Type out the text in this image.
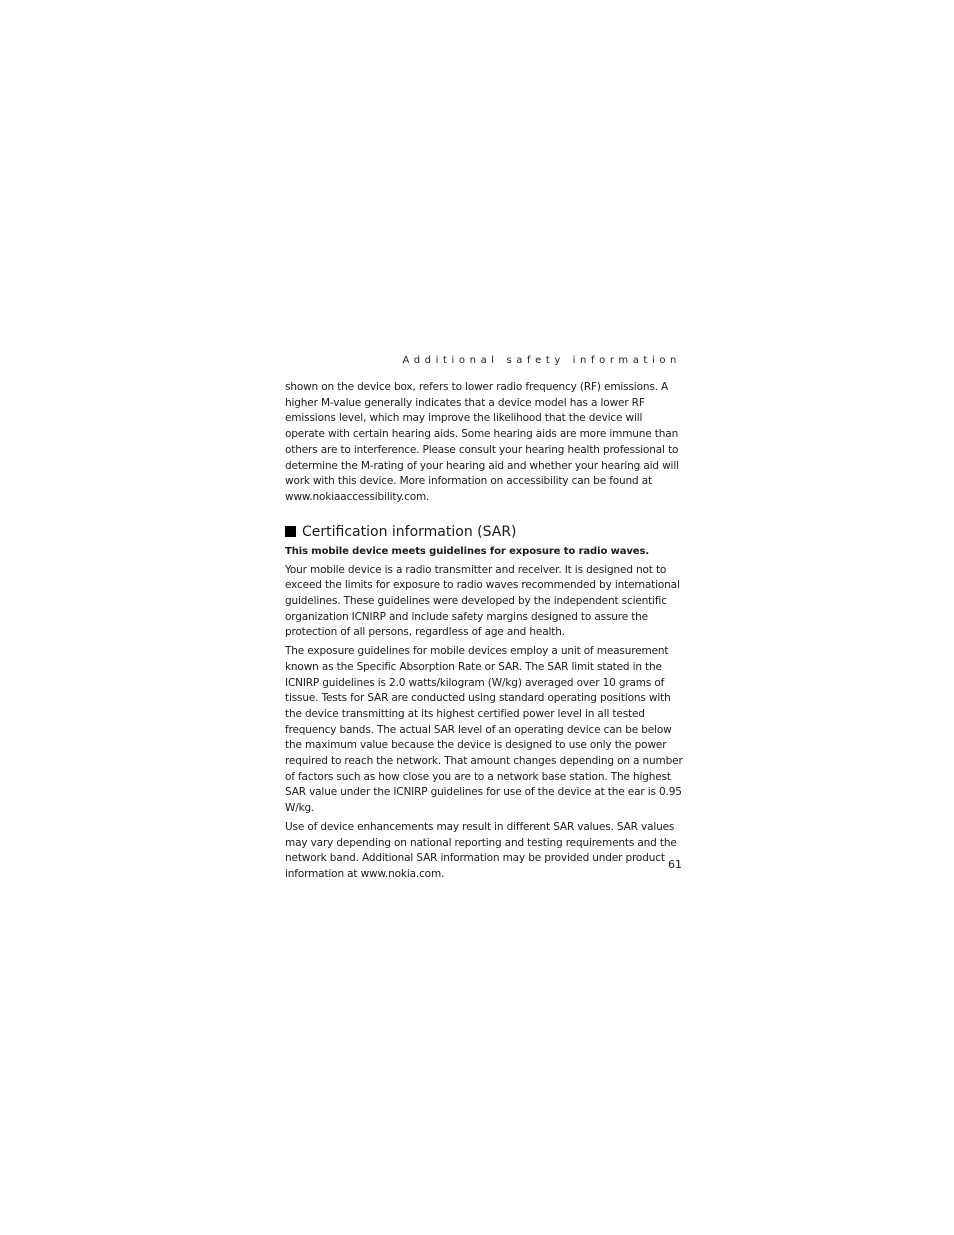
Additional safety information

shown on the device box, refers to lower radio frequency (RF) emissions. A higher M-value generally indicates that a device model has a lower RF emissions level, which may improve the likelihood that the device will operate with certain hearing aids. Some hearing aids are more immune than others are to interference. Please consult your hearing health professional to determine the M-rating of your hearing aid and whether your hearing aid will work with this device. More information on accessibility can be found at www.nokiaaccessibility.com.

Certification information (SAR)
This mobile device meets guidelines for exposure to radio waves.

Your mobile device is a radio transmitter and receiver. It is designed not to exceed the limits for exposure to radio waves recommended by international guidelines. These guidelines were developed by the independent scientific organization ICNIRP and include safety margins designed to assure the protection of all persons, regardless of age and health.

The exposure guidelines for mobile devices employ a unit of measurement known as the Specific Absorption Rate or SAR. The SAR limit stated in the ICNIRP guidelines is 2.0 watts/kilogram (W/kg) averaged over 10 grams of tissue. Tests for SAR are conducted using standard operating positions with the device transmitting at its highest certified power level in all tested frequency bands. The actual SAR level of an operating device can be below the maximum value because the device is designed to use only the power required to reach the network. That amount changes depending on a number of factors such as how close you are to a network base station. The highest SAR value under the ICNIRP guidelines for use of the device at the ear is 0.95 W/kg.

Use of device enhancements may result in different SAR values. SAR values may vary depending on national reporting and testing requirements and the network band. Additional SAR information may be provided under product information at www.nokia.com.

61
